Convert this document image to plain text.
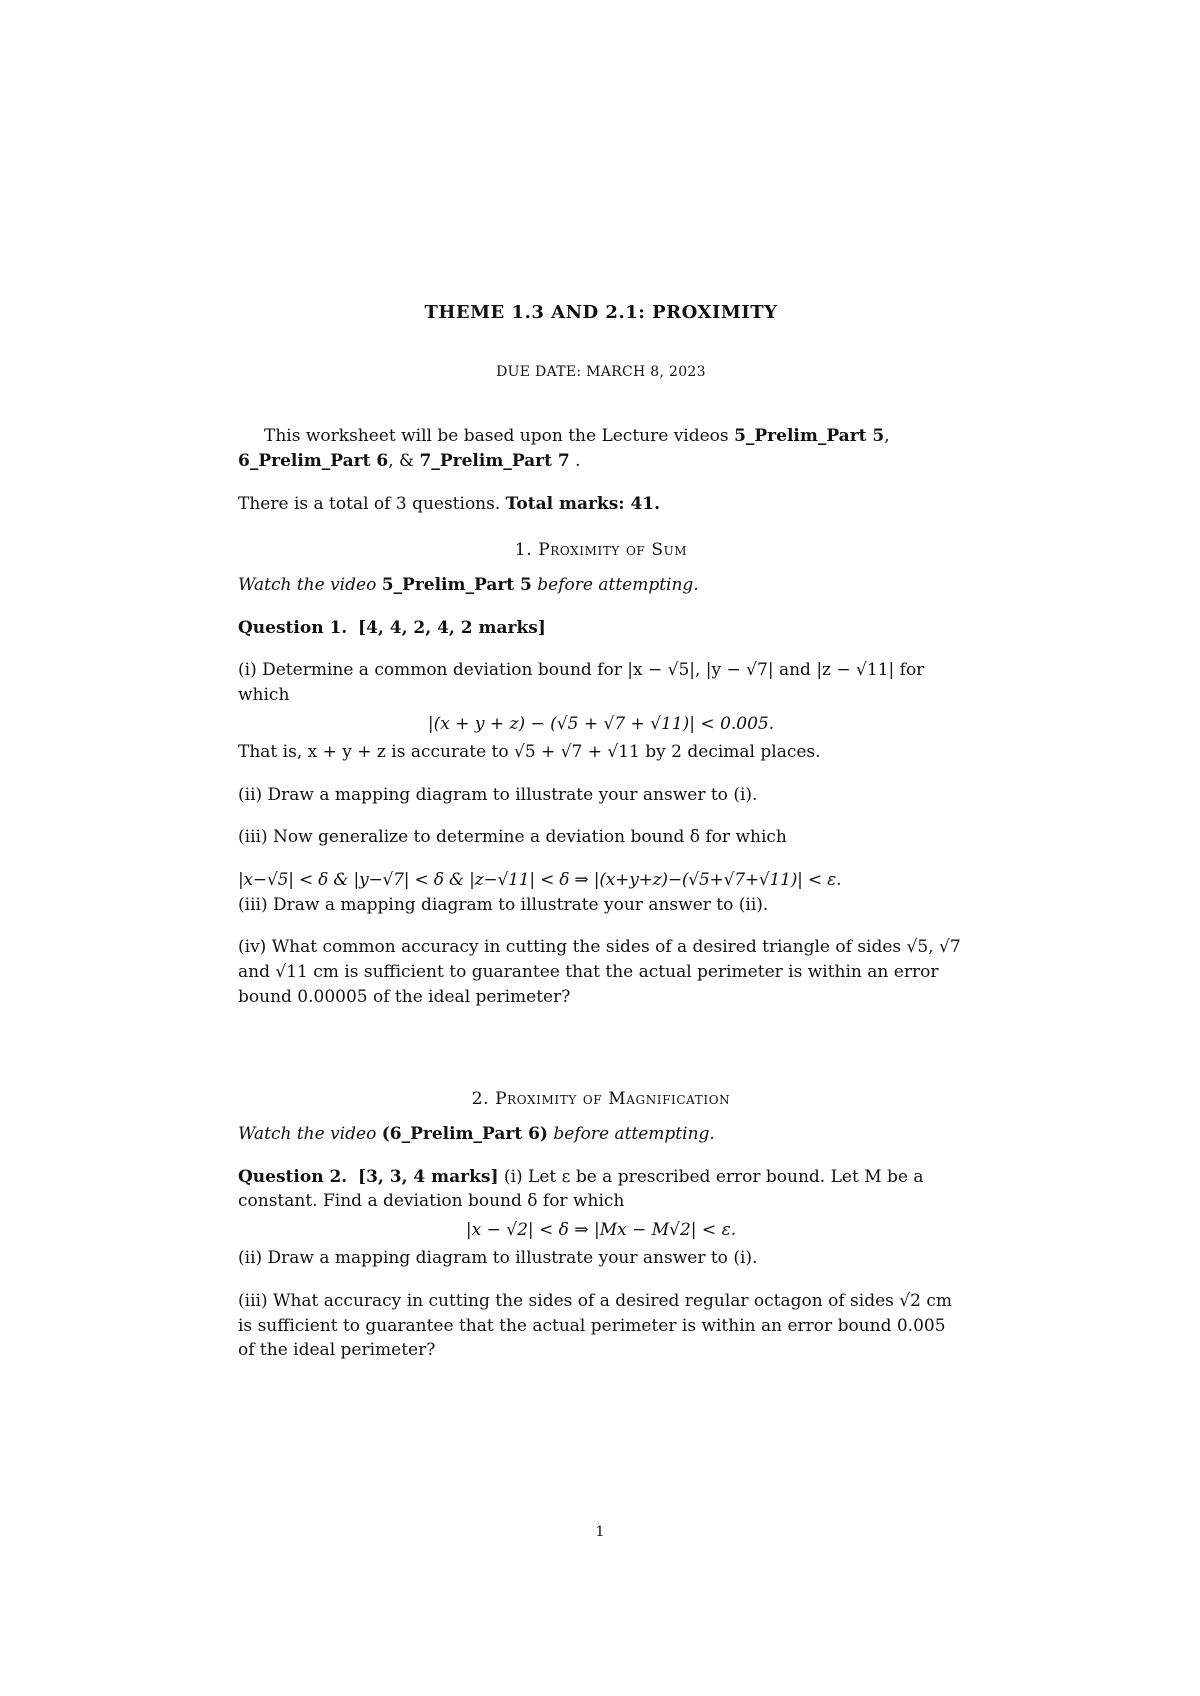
THEME 1.3 AND 2.1: PROXIMITY
DUE DATE: MARCH 8, 2023

This worksheet will be based upon the Lecture videos 5_Prelim_Part 5, 6_Prelim_Part 6, & 7_Prelim_Part 7 .

There is a total of 3 questions. Total marks: 41.

1. Proximity of Sum

Watch the video 5_Prelim_Part 5 before attempting.

Question 1. [4, 4, 2, 4, 2 marks]

(i) Determine a common deviation bound for |x − √5|, |y − √7| and |z − √11| for which

|(x + y + z) − (√5 + √7 + √11)| < 0.005.

That is, x + y + z is accurate to √5 + √7 + √11 by 2 decimal places.

(ii) Draw a mapping diagram to illustrate your answer to (i).

(iii) Now generalize to determine a deviation bound δ for which

|x−√5| < δ & |y−√7| < δ & |z−√11| < δ ⇒ |(x+y+z)−(√5+√7+√11)| < ε.

(iii) Draw a mapping diagram to illustrate your answer to (ii).

(iv) What common accuracy in cutting the sides of a desired triangle of sides √5, √7 and √11 cm is sufficient to guarantee that the actual perimeter is within an error bound 0.00005 of the ideal perimeter?

2. Proximity of Magnification

Watch the video (6_Prelim_Part 6) before attempting.

Question 2. [3, 3, 4 marks] (i) Let ε be a prescribed error bound. Let M be a constant. Find a deviation bound δ for which

|x − √2| < δ ⇒ |Mx − M√2| < ε.

(ii) Draw a mapping diagram to illustrate your answer to (i).

(iii) What accuracy in cutting the sides of a desired regular octagon of sides √2 cm is sufficient to guarantee that the actual perimeter is within an error bound 0.005 of the ideal perimeter?

1
